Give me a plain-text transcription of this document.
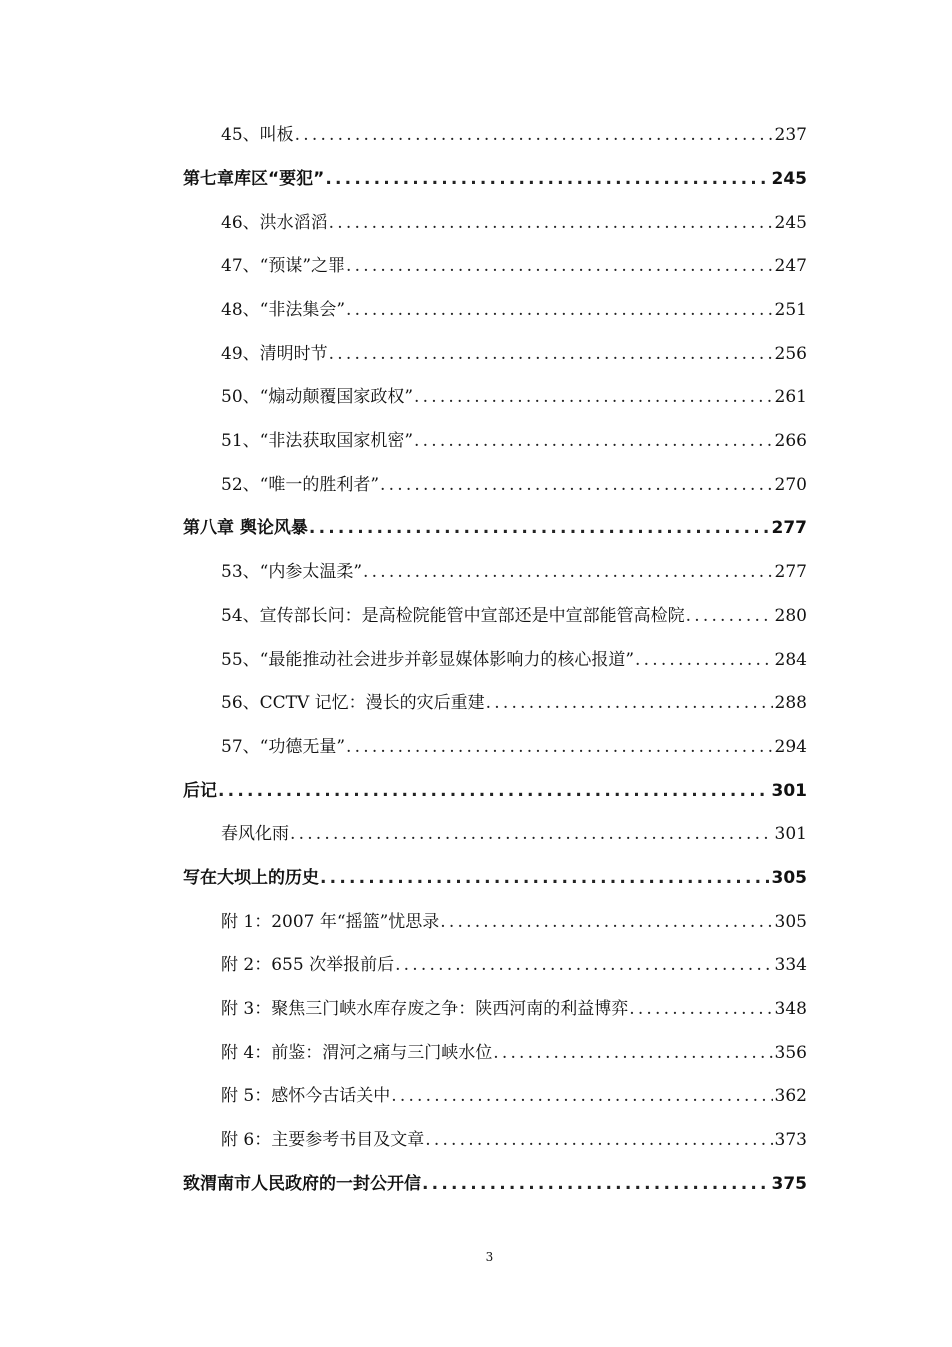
45、叫板 .....	237
第七章库区“要犯” .....	245
46、洪水滔滔 .....	245
47、“预谋”之罪 .....	247
48、“非法集会” .....	251
49、清明时节 .....	256
50、“煽动颠覆国家政权” .....	261
51、“非法获取国家机密” .....	266
52、“唯一的胜利者” .....	270
第八章 舆论风暴 .....	277
53、“内参太温柔” .....	277
54、宣传部长问：是高检院能管中宣部还是中宣部能管高检院 .....	280
55、“最能推动社会进步并彰显媒体影响力的核心报道” .....	284
56、CCTV 记忆：漫长的灾后重建 .....	288
57、“功德无量” .....	294
后记 .....	301
春风化雨 .....	301
写在大坝上的历史 .....	305
附 1：2007 年“摇篮”忧思录 .....	305
附 2：655 次举报前后 .....	334
附 3：聚焦三门峡水库存废之争：陕西河南的利益博弈 .....	348
附 4：前鉴：渭河之痛与三门峡水位 .....	356
附 5：感怀今古话关中 .....	362
附 6：主要参考书目及文章 .....	373
致渭南市人民政府的一封公开信 .....	375
3
